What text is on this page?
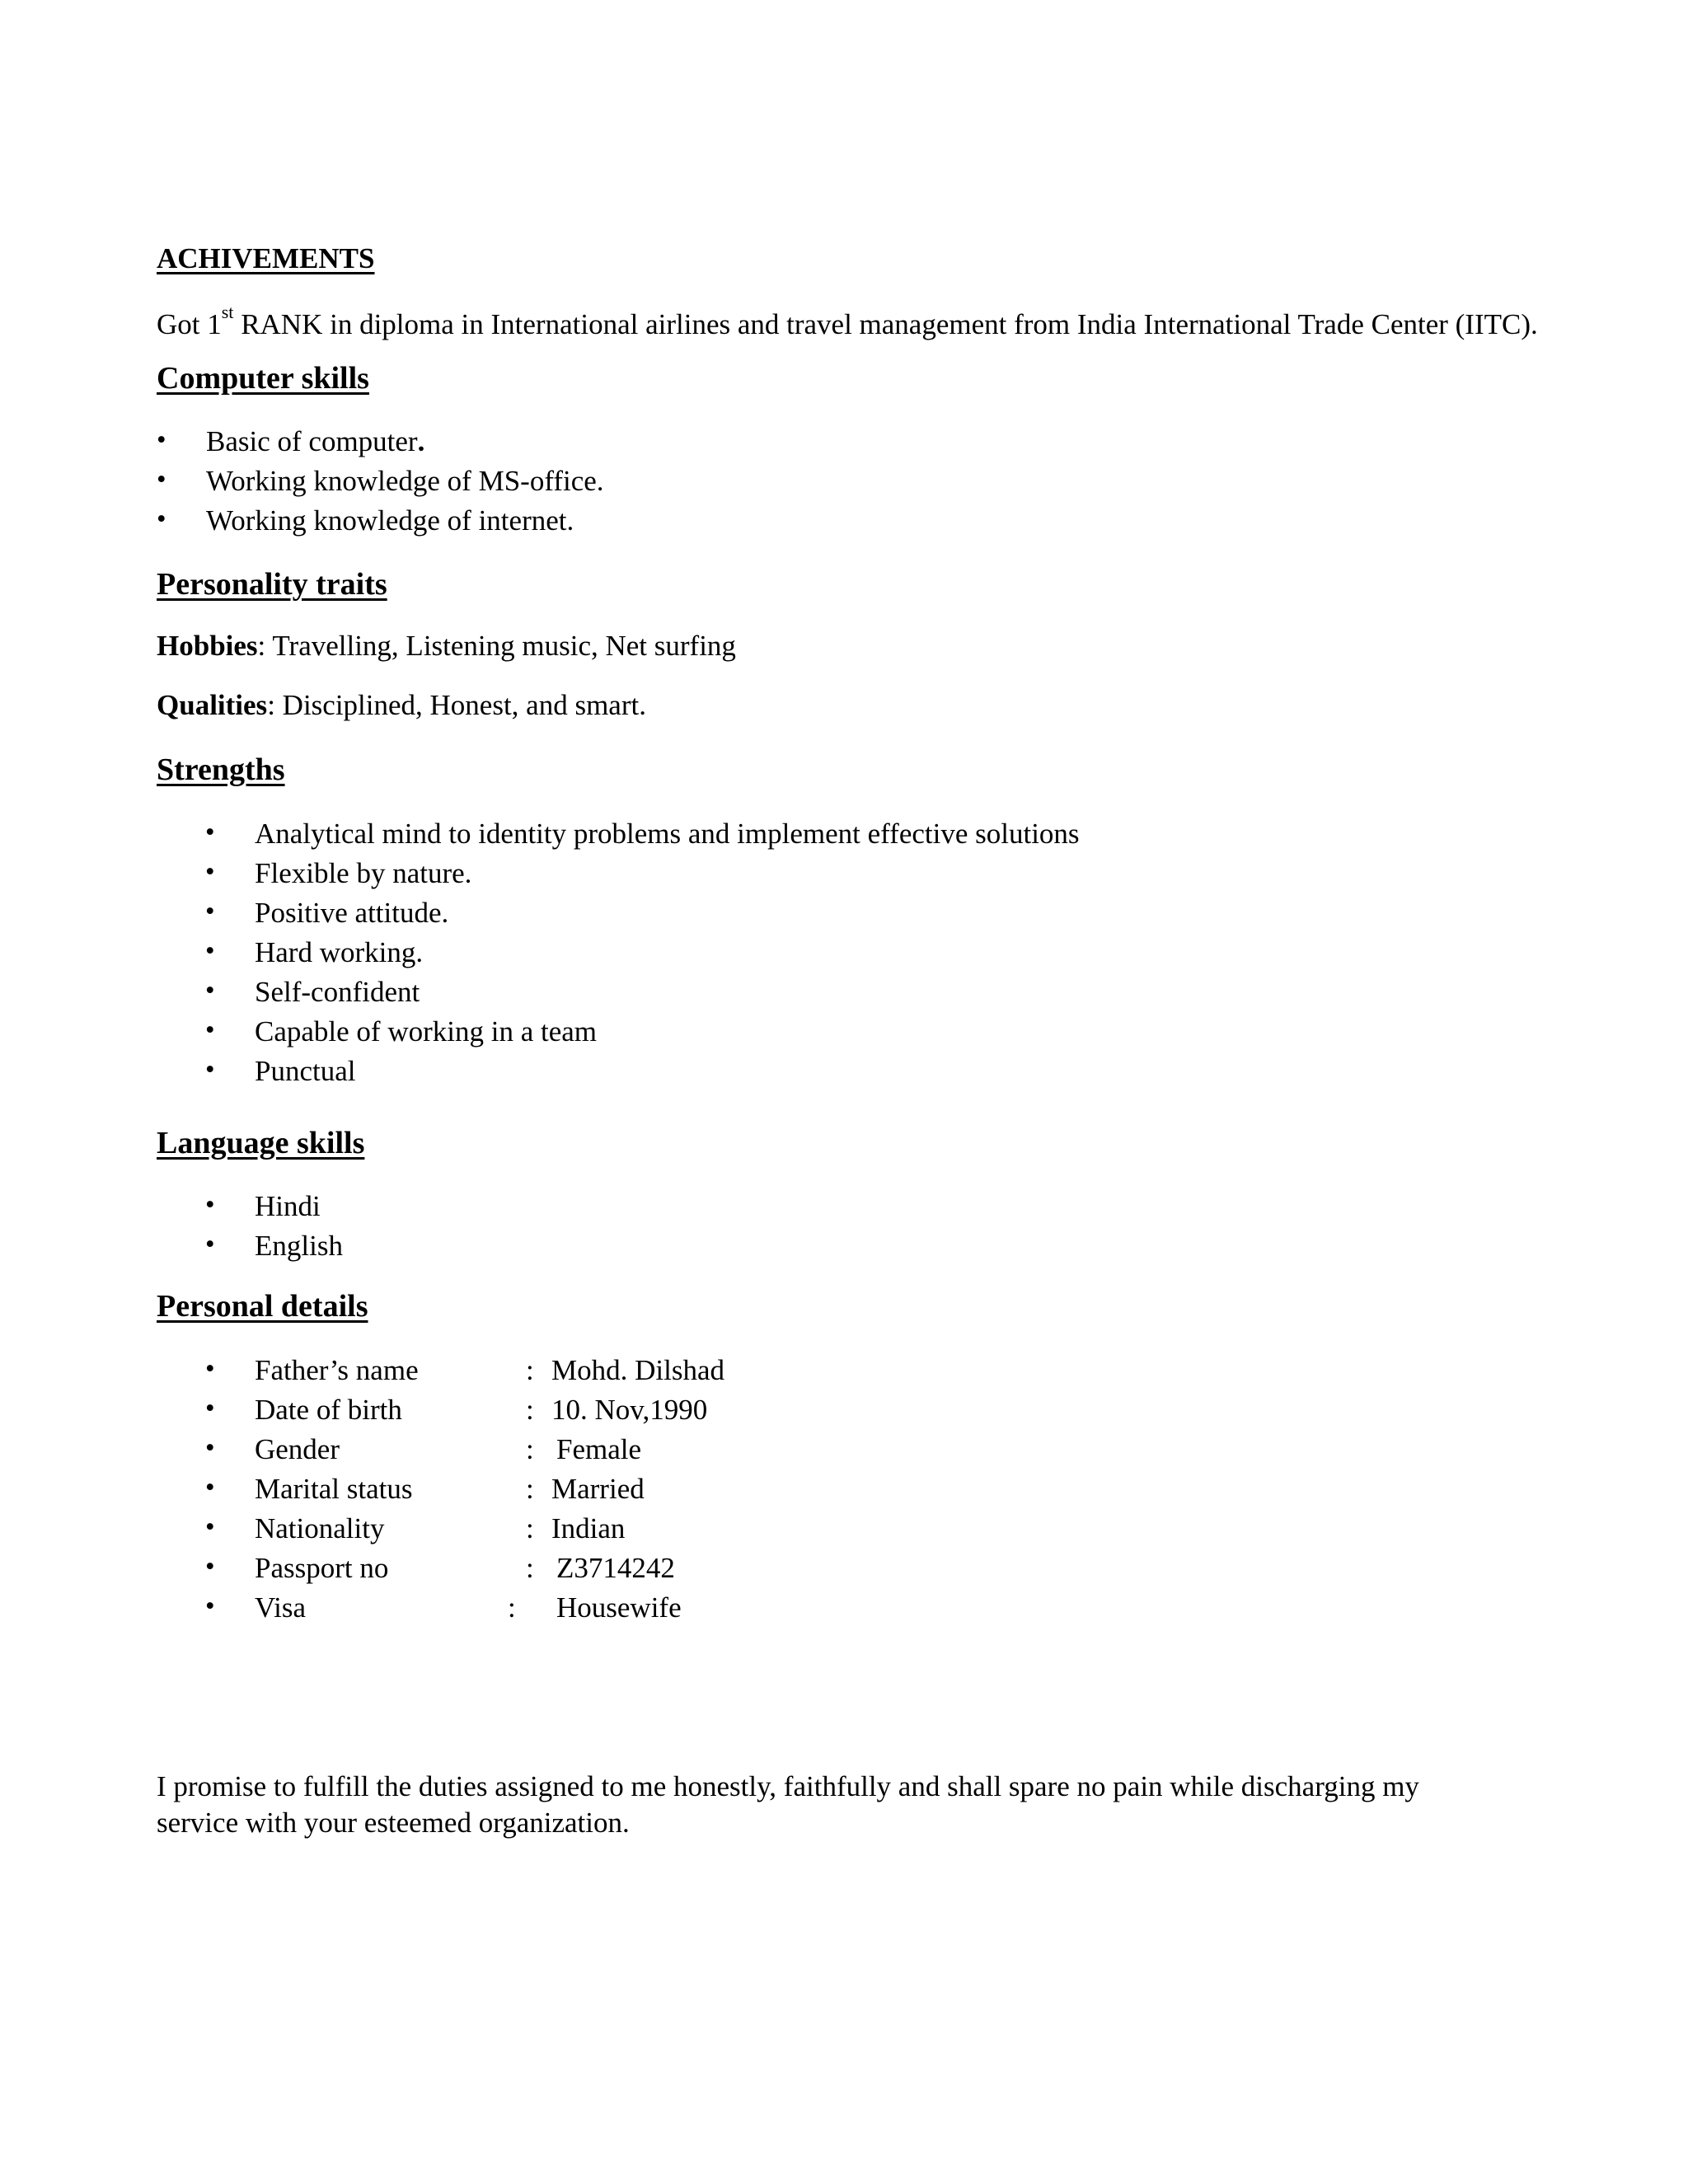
ACHIVEMENTS
Got 1st RANK in diploma in International airlines and travel management from India International Trade Center (IITC).
Computer skills
• Basic of computer.
• Working knowledge of MS-office.
• Working knowledge of internet.
Personality traits
Hobbies: Travelling, Listening music, Net surfing
Qualities: Disciplined, Honest, and smart.
Strengths
• Analytical mind to identity problems and implement effective solutions
• Flexible by nature.
• Positive attitude.
• Hard working.
• Self-confident
• Capable of working in a team
• Punctual
Language skills
• Hindi
• English
Personal details
• Father’s name	: Mohd. Dilshad
• Date of birth	: 10. Nov,1990
• Gender	: Female
• Marital status	: Married
• Nationality	: Indian
• Passport no	: Z3714242
• Visa	: Housewife
I promise to fulfill the duties assigned to me honestly, faithfully and shall spare no pain while discharging my
service with your esteemed organization.
